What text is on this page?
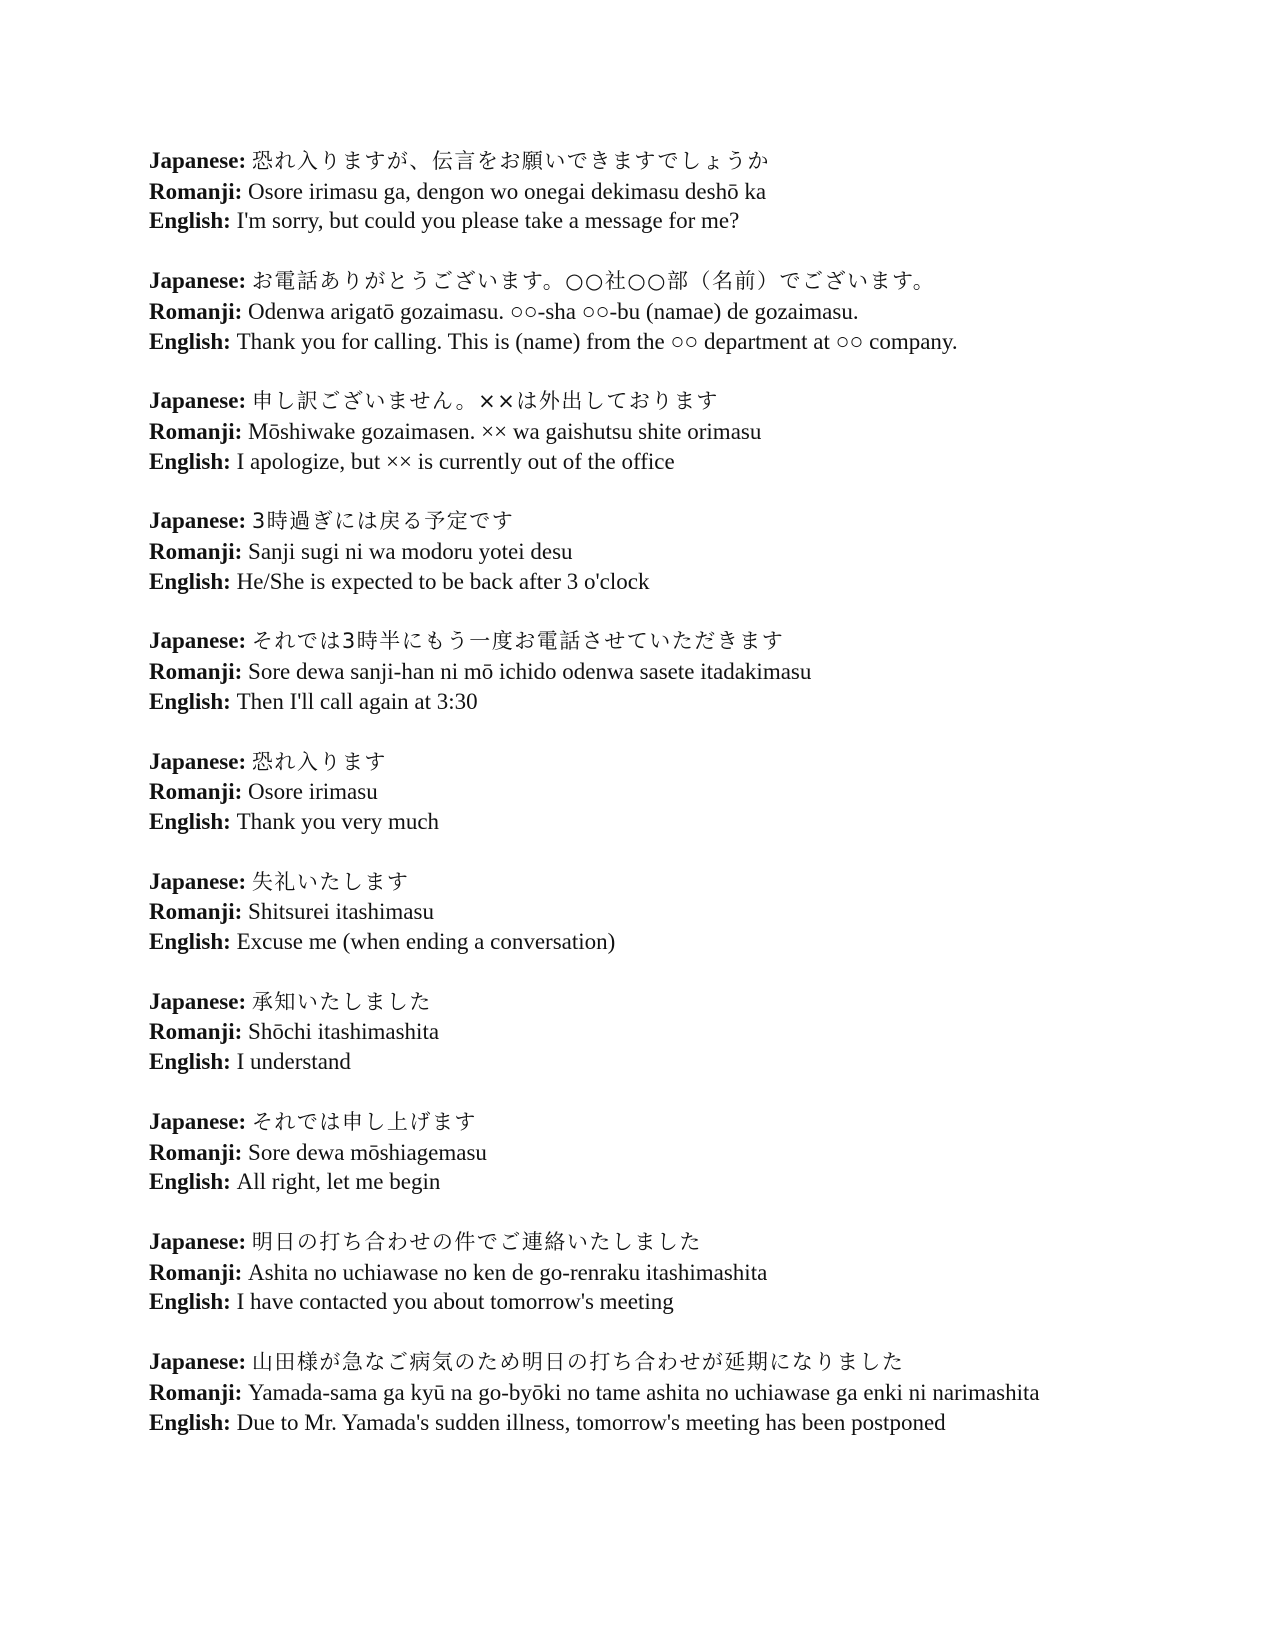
Japanese: 恐れ入りますが、伝言をお願いできますでしょうか
Romanji: Osore irimasu ga, dengon wo onegai dekimasu deshō ka
English: I'm sorry, but could you please take a message for me?
Japanese: お電話ありがとうございます。○○社○○部（名前）でございます。
Romanji: Odenwa arigatō gozaimasu. ○○-sha ○○-bu (namae) de gozaimasu.
English: Thank you for calling. This is (name) from the ○○ department at ○○ company.
Japanese: 申し訳ございません。××は外出しております
Romanji: Mōshiwake gozaimasen. ×× wa gaishutsu shite orimasu
English: I apologize, but ×× is currently out of the office
Japanese: 3時過ぎには戻る予定です
Romanji: Sanji sugi ni wa modoru yotei desu
English: He/She is expected to be back after 3 o'clock
Japanese: それでは3時半にもう一度お電話させていただきます
Romanji: Sore dewa sanji-han ni mō ichido odenwa sasete itadakimasu
English: Then I'll call again at 3:30
Japanese: 恐れ入ります
Romanji: Osore irimasu
English: Thank you very much
Japanese: 失礼いたします
Romanji: Shitsurei itashimasu
English: Excuse me (when ending a conversation)
Japanese: 承知いたしました
Romanji: Shōchi itashimashita
English: I understand
Japanese: それでは申し上げます
Romanji: Sore dewa mōshiagemasu
English: All right, let me begin
Japanese: 明日の打ち合わせの件でご連絡いたしました
Romanji: Ashita no uchiawase no ken de go-renraku itashimashita
English: I have contacted you about tomorrow's meeting
Japanese: 山田様が急なご病気のため明日の打ち合わせが延期になりました
Romanji: Yamada-sama ga kyū na go-byōki no tame ashita no uchiawase ga enki ni narimashita
English: Due to Mr. Yamada's sudden illness, tomorrow's meeting has been postponed
